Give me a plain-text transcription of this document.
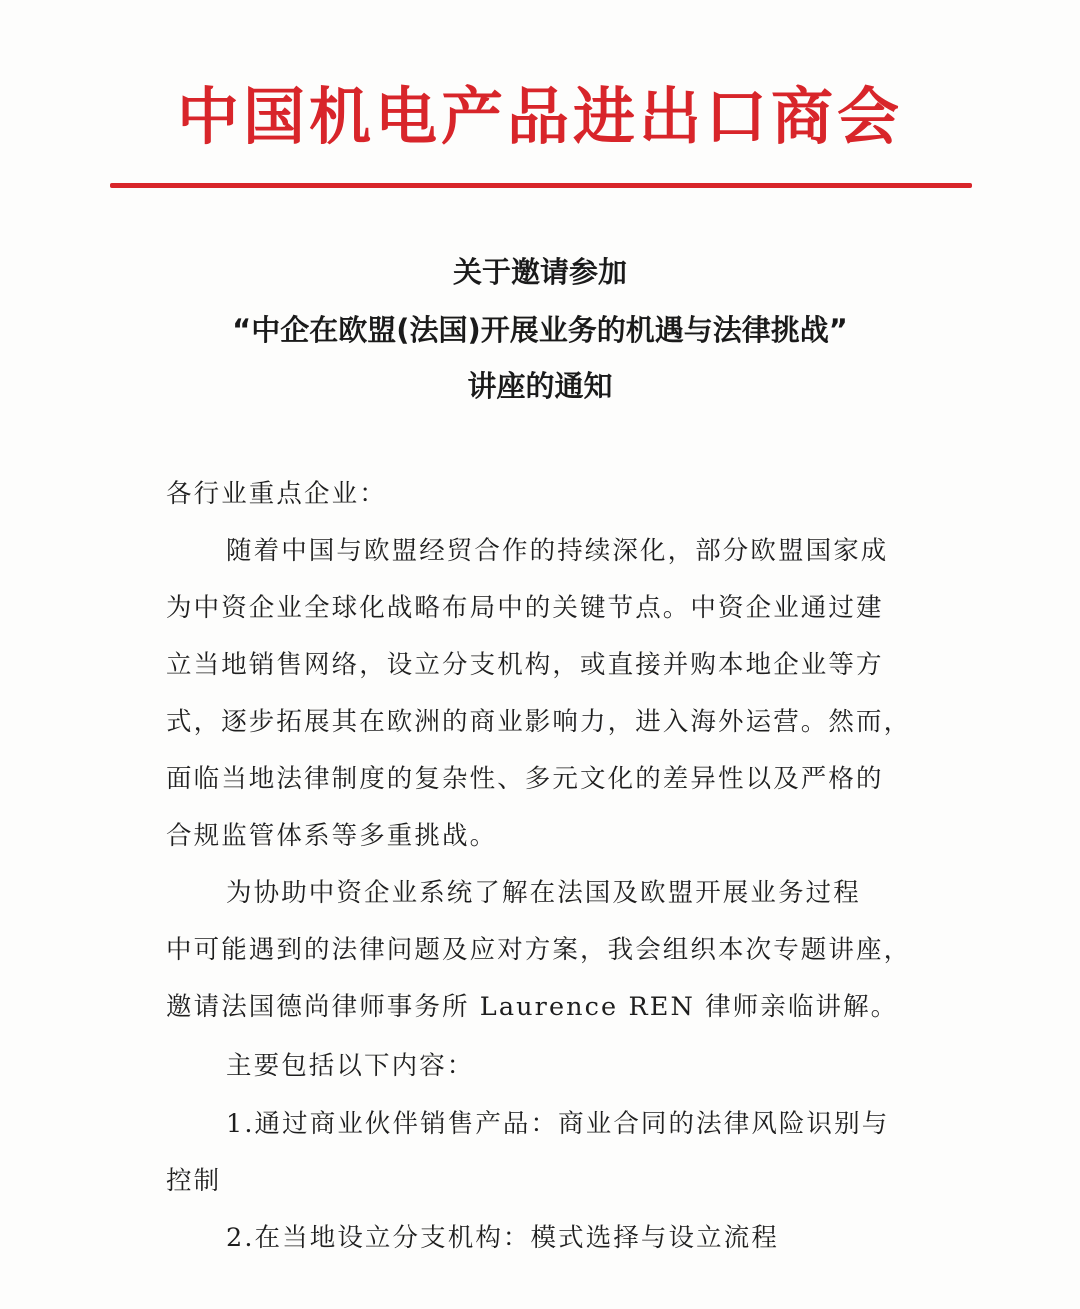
中国机电产品进出口商会
关于邀请参加
“中企在欧盟(法国)开展业务的机遇与法律挑战”
讲座的通知
各行业重点企业：
随着中国与欧盟经贸合作的持续深化，部分欧盟国家成
为中资企业全球化战略布局中的关键节点。中资企业通过建
立当地销售网络，设立分支机构，或直接并购本地企业等方
式，逐步拓展其在欧洲的商业影响力，进入海外运营。然而，
面临当地法律制度的复杂性、多元文化的差异性以及严格的
合规监管体系等多重挑战。
为协助中资企业系统了解在法国及欧盟开展业务过程
中可能遇到的法律问题及应对方案，我会组织本次专题讲座，
邀请法国德尚律师事务所 Laurence REN 律师亲临讲解。
主要包括以下内容：
1.通过商业伙伴销售产品：商业合同的法律风险识别与
控制
2.在当地设立分支机构：模式选择与设立流程
